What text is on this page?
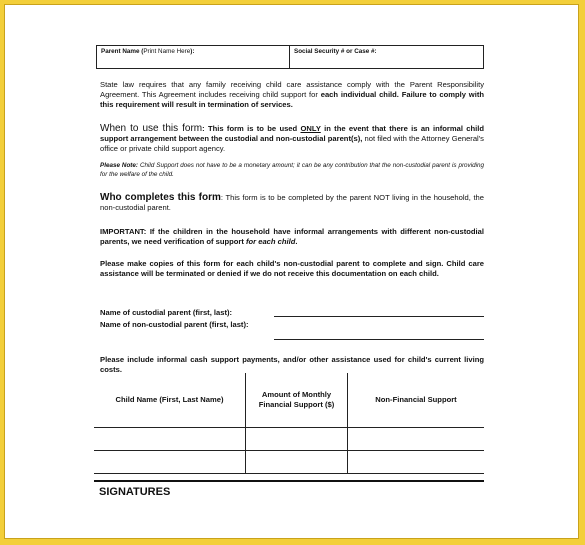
Parent Name (Print Name Here):	Social Security # or Case #:

State law requires that any family receiving child care assistance comply with the Parent Responsibility Agreement. This Agreement includes receiving child support for each individual child. Failure to comply with this requirement will result in termination of services.

When to use this form: This form is to be used ONLY in the event that there is an informal child support arrangement between the custodial and non-custodial parent(s), not filed with the Attorney General's office or private child support agency.

Please Note: Child Support does not have to be a monetary amount; it can be any contribution that the non-custodial parent is providing for the welfare of the child.

Who completes this form: This form is to be completed by the parent NOT living in the household, the non-custodial parent.

IMPORTANT: If the children in the household have informal arrangements with different non-custodial parents, we need verification of support for each child.

Please make copies of this form for each child's non-custodial parent to complete and sign. Child care assistance will be terminated or denied if we do not receive this documentation on each child.

Name of custodial parent (first, last):
Name of non-custodial parent (first, last):

Please include informal cash support payments, and/or other assistance used for child's current living costs.

Child Name (First, Last Name)	Amount of Monthly Financial Support ($)	Non-Financial Support

SIGNATURES
